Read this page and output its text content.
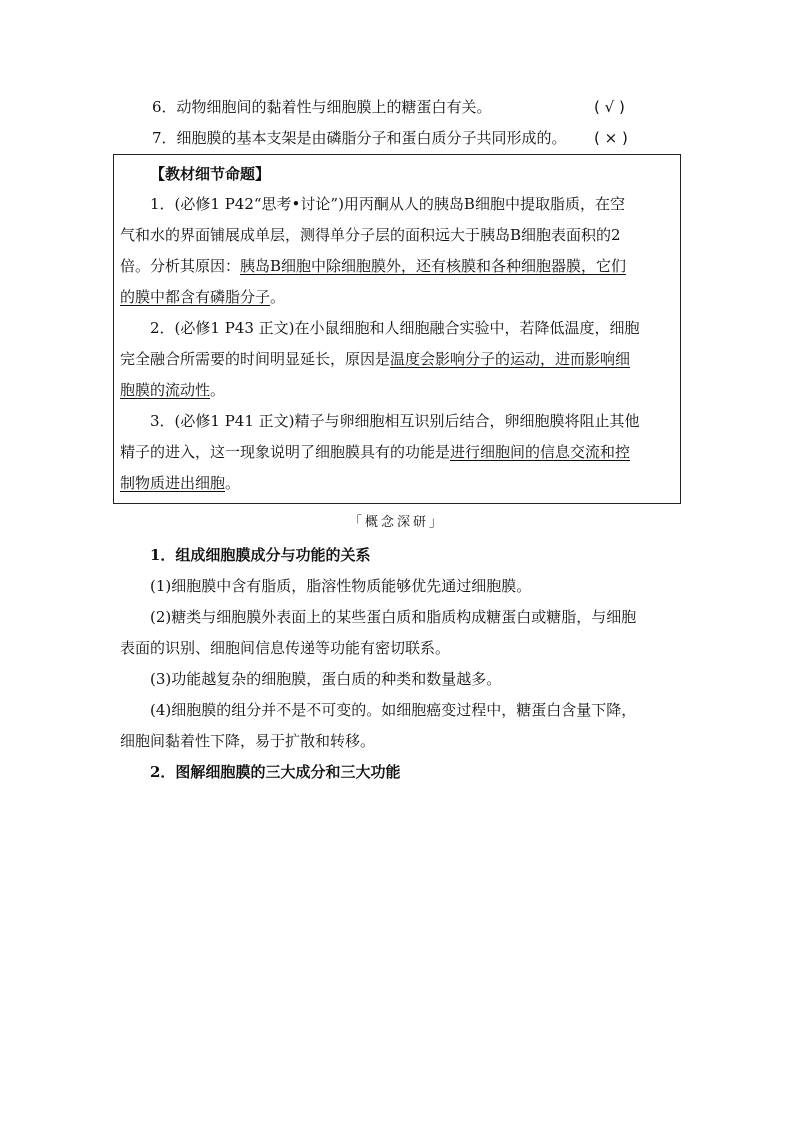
6．动物细胞间的黏着性与细胞膜上的糖蛋白有关。	( √ )
7．细胞膜的基本支架是由磷脂分子和蛋白质分子共同形成的。 ( × )
【教材细节命题】
1．(必修1 P42“思考•讨论”)用丙酮从人的胰岛B细胞中提取脂质，在空
气和水的界面铺展成单层，测得单分子层的面积远大于胰岛B细胞表面积的2
倍。分析其原因：胰岛B细胞中除细胞膜外，还有核膜和各种细胞器膜，它们
的膜中都含有磷脂分子。
2．(必修1 P43 正文)在小鼠细胞和人细胞融合实验中，若降低温度，细胞
完全融合所需要的时间明显延长，原因是温度会影响分子的运动，进而影响细
胞膜的流动性。
3．(必修1 P41 正文)精子与卵细胞相互识别后结合，卵细胞膜将阻止其他
精子的进入，这一现象说明了细胞膜具有的功能是进行细胞间的信息交流和控
制物质进出细胞。
「概念深研」
1．组成细胞膜成分与功能的关系
(1)细胞膜中含有脂质，脂溶性物质能够优先通过细胞膜。
(2)糖类与细胞膜外表面上的某些蛋白质和脂质构成糖蛋白或糖脂，与细胞
表面的识别、细胞间信息传递等功能有密切联系。
(3)功能越复杂的细胞膜，蛋白质的种类和数量越多。
(4)细胞膜的组分并不是不可变的。如细胞癌变过程中，糖蛋白含量下降，
细胞间黏着性下降，易于扩散和转移。
2．图解细胞膜的三大成分和三大功能
